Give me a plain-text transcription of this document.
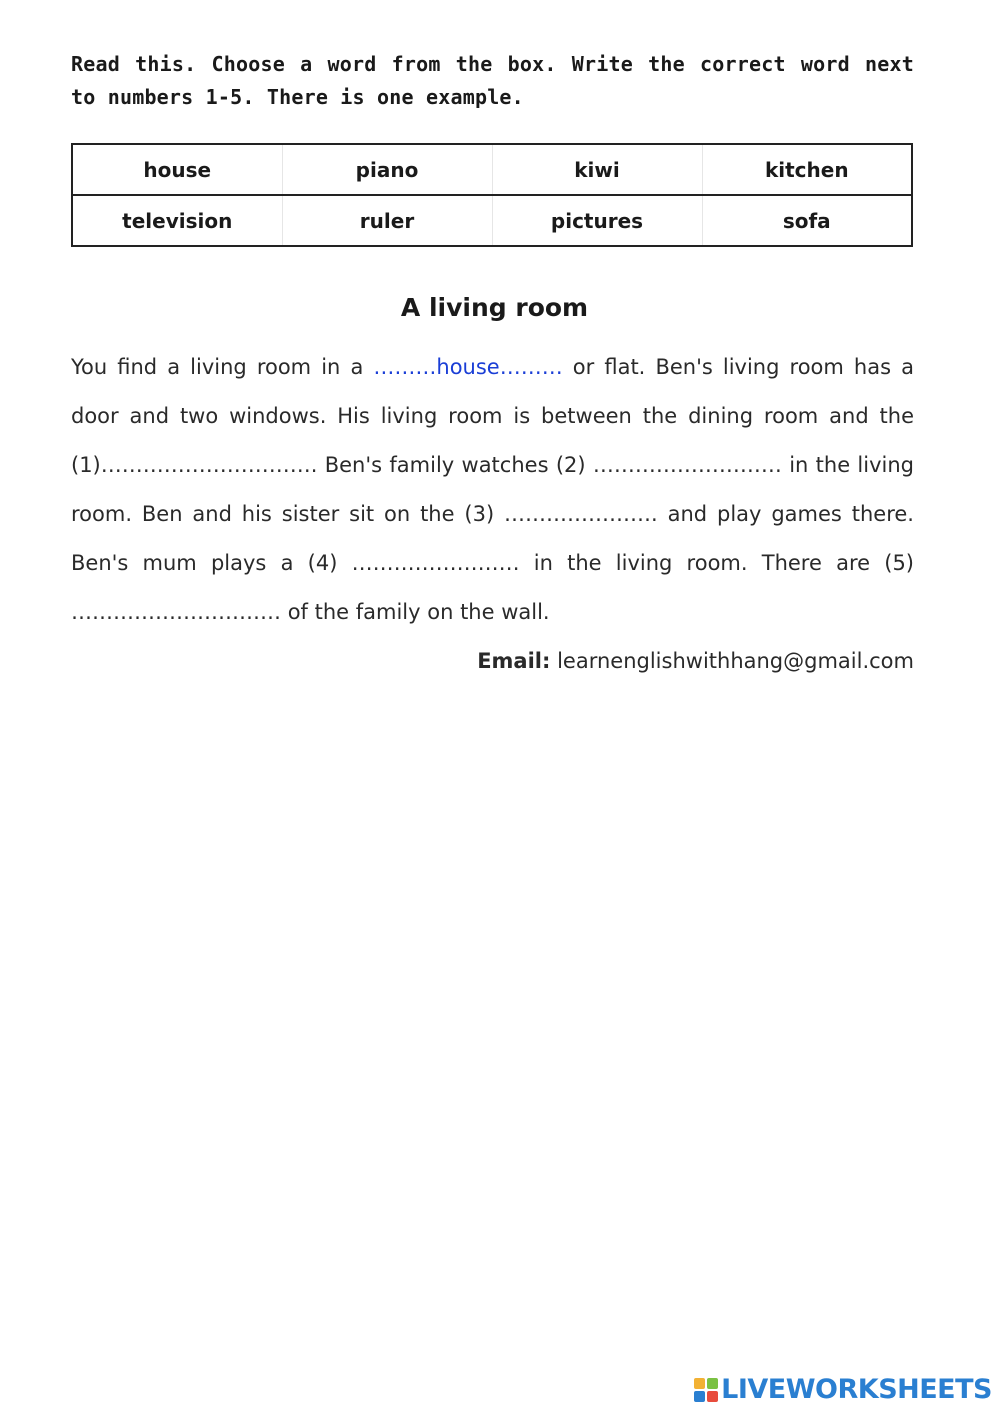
Read this. Choose a word from the box. Write the correct word next to numbers 1-5. There is one example.

house	piano	kiwi	kitchen
television	ruler	pictures	sofa
A living room

You find a living room in a ………house……… or flat. Ben's living room has a door and two windows. His living room is between the dining room and the (1)…………………………. Ben's family watches (2) ……………………… in the living room. Ben and his sister sit on the (3) …………………. and play games there. Ben's mum plays a (4) …………………… in the living room. There are (5) ………………………… of the family on the wall.

Email: learnenglishwithhang@gmail.com
LIVEWORKSHEETS
